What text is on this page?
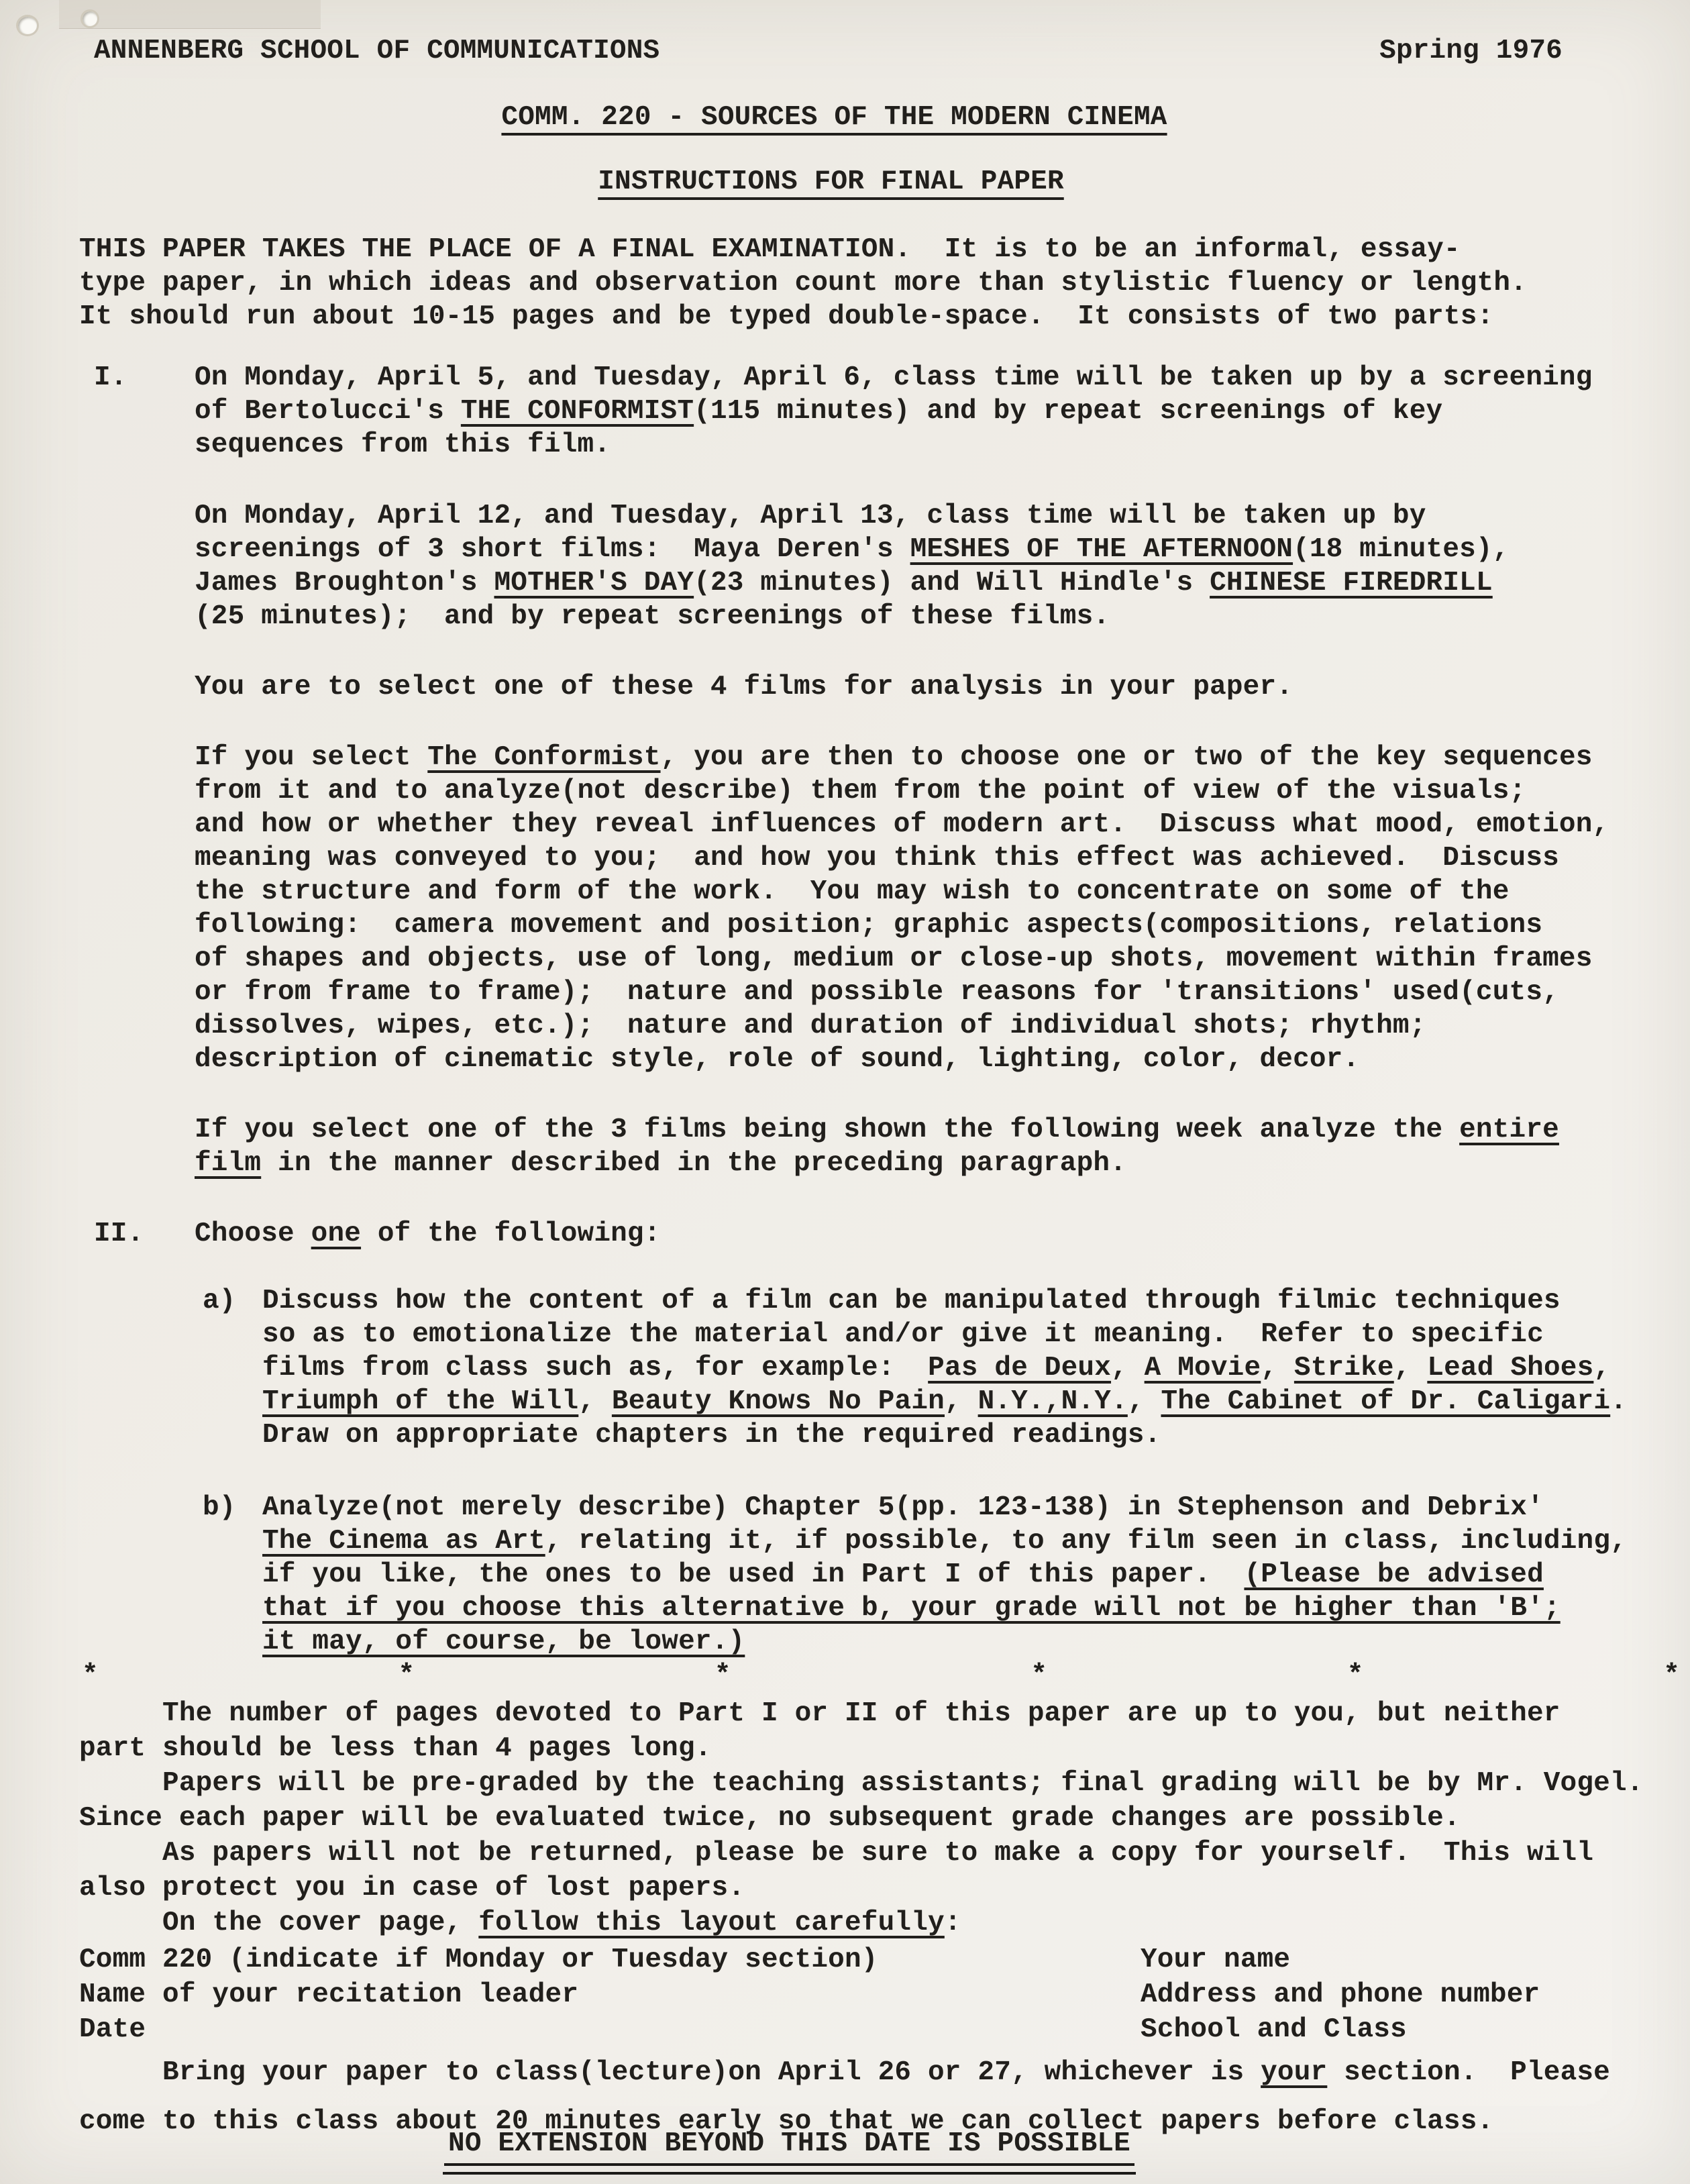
ANNENBERG SCHOOL OF COMMUNICATIONS	Spring 1976
COMM. 220 - SOURCES OF THE MODERN CINEMA
INSTRUCTIONS FOR FINAL PAPER

THIS PAPER TAKES THE PLACE OF A FINAL EXAMINATION.  It is to be an informal, essay-
type paper, in which ideas and observation count more than stylistic fluency or length.
It should run about 10-15 pages and be typed double-space.  It consists of two parts:

I. On Monday, April 5, and Tuesday, April 6, class time will be taken up by a screening
of Bertolucci's THE CONFORMIST(115 minutes) and by repeat screenings of key
sequences from this film.

On Monday, April 12, and Tuesday, April 13, class time will be taken up by
screenings of 3 short films:  Maya Deren's MESHES OF THE AFTERNOON(18 minutes),
James Broughton's MOTHER'S DAY(23 minutes) and Will Hindle's CHINESE FIREDRILL
(25 minutes);  and by repeat screenings of these films.

You are to select one of these 4 films for analysis in your paper.

If you select The Conformist, you are then to choose one or two of the key sequences
from it and to analyze(not describe) them from the point of view of the visuals;
and how or whether they reveal influences of modern art.  Discuss what mood, emotion,
meaning was conveyed to you;  and how you think this effect was achieved.  Discuss
the structure and form of the work.  You may wish to concentrate on some of the
following:  camera movement and position; graphic aspects(compositions, relations
of shapes and objects, use of long, medium or close-up shots, movement within frames
or from frame to frame);  nature and possible reasons for 'transitions' used(cuts,
dissolves, wipes, etc.);  nature and duration of individual shots; rhythm;
description of cinematic style, role of sound, lighting, color, decor.

If you select one of the 3 films being shown the following week analyze the entire
film in the manner described in the preceding paragraph.

II. Choose one of the following:

a) Discuss how the content of a film can be manipulated through filmic techniques
so as to emotionalize the material and/or give it meaning.  Refer to specific
films from class such as, for example:  Pas de Deux, A Movie, Strike, Lead Shoes,
Triumph of the Will, Beauty Knows No Pain, N.Y.,N.Y., The Cabinet of Dr. Caligari.
Draw on appropriate chapters in the required readings.

b) Analyze(not merely describe) Chapter 5(pp. 123-138) in Stephenson and Debrix'
The Cinema as Art, relating it, if possible, to any film seen in class, including,
if you like, the ones to be used in Part I of this paper.  (Please be advised
that if you choose this alternative b, your grade will not be higher than 'B';
it may, of course, be lower.)

*	*	*	*	*	*

The number of pages devoted to Part I or II of this paper are up to you, but neither
part should be less than 4 pages long.
Papers will be pre-graded by the teaching assistants; final grading will be by Mr. Vogel.
Since each paper will be evaluated twice, no subsequent grade changes are possible.
As papers will not be returned, please be sure to make a copy for yourself.  This will
also protect you in case of lost papers.
On the cover page, follow this layout carefully:

Comm 220 (indicate if Monday or Tuesday section)	Your name
Name of your recitation leader	Address and phone number
Date	School and Class

Bring your paper to class(lecture)on April 26 or 27, whichever is your section.  Please
come to this class about 20 minutes early so that we can collect papers before class.

NO EXTENSION BEYOND THIS DATE IS POSSIBLE
